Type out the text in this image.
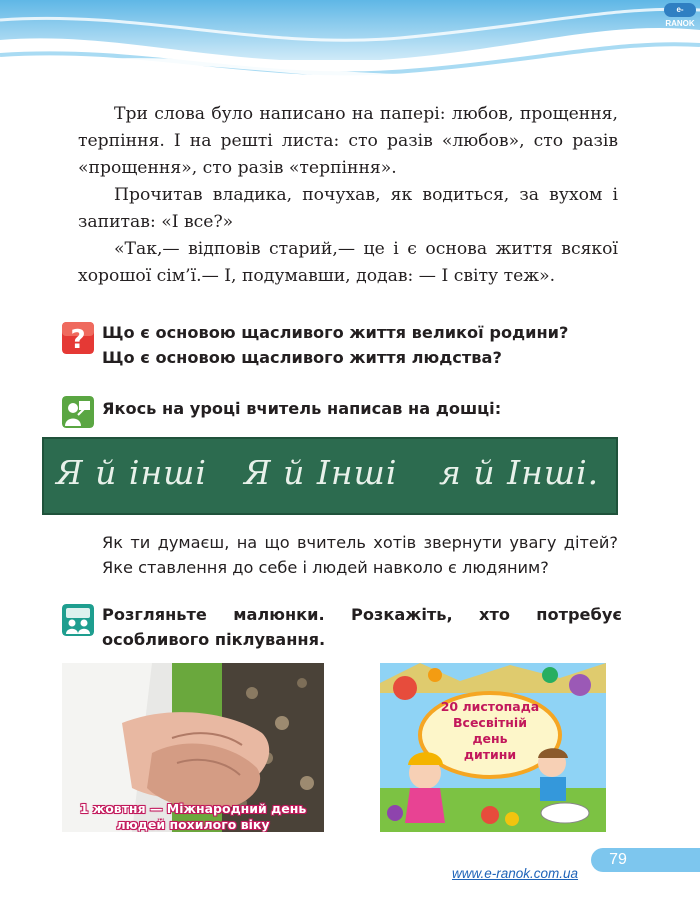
e-RANOK

Три слова було написано на папері: любов, прощення, терпіння. І на решті листа: сто разів «любов», сто разів «прощення», сто разів «терпіння».

Прочитав владика, почухав, як водиться, за вухом і запитав: «І все?»

«Так,— відповів старий,— це і є основа життя всякої хорошої сім’ї.— І, подумавши, додав: — І світу теж».

? Що є основою щасливого життя великої родини?
Що є основою щасливого життя людства?
Якось на уроці вчитель написав на дошці:
Я й інші Я й Інші я й Інші.
Як ти думаєш, на що вчитель хотів звернути увагу дітей? Яке ставлення до себе і людей навколо є людяним?
Розгляньте малюнки. Розкажіть, хто потребує особливого піклування.
1 жовтня — Міжнародний день
людей похилого віку
20 листопада
Всесвітній
день
дитини
79
www.e-ranok.com.ua
